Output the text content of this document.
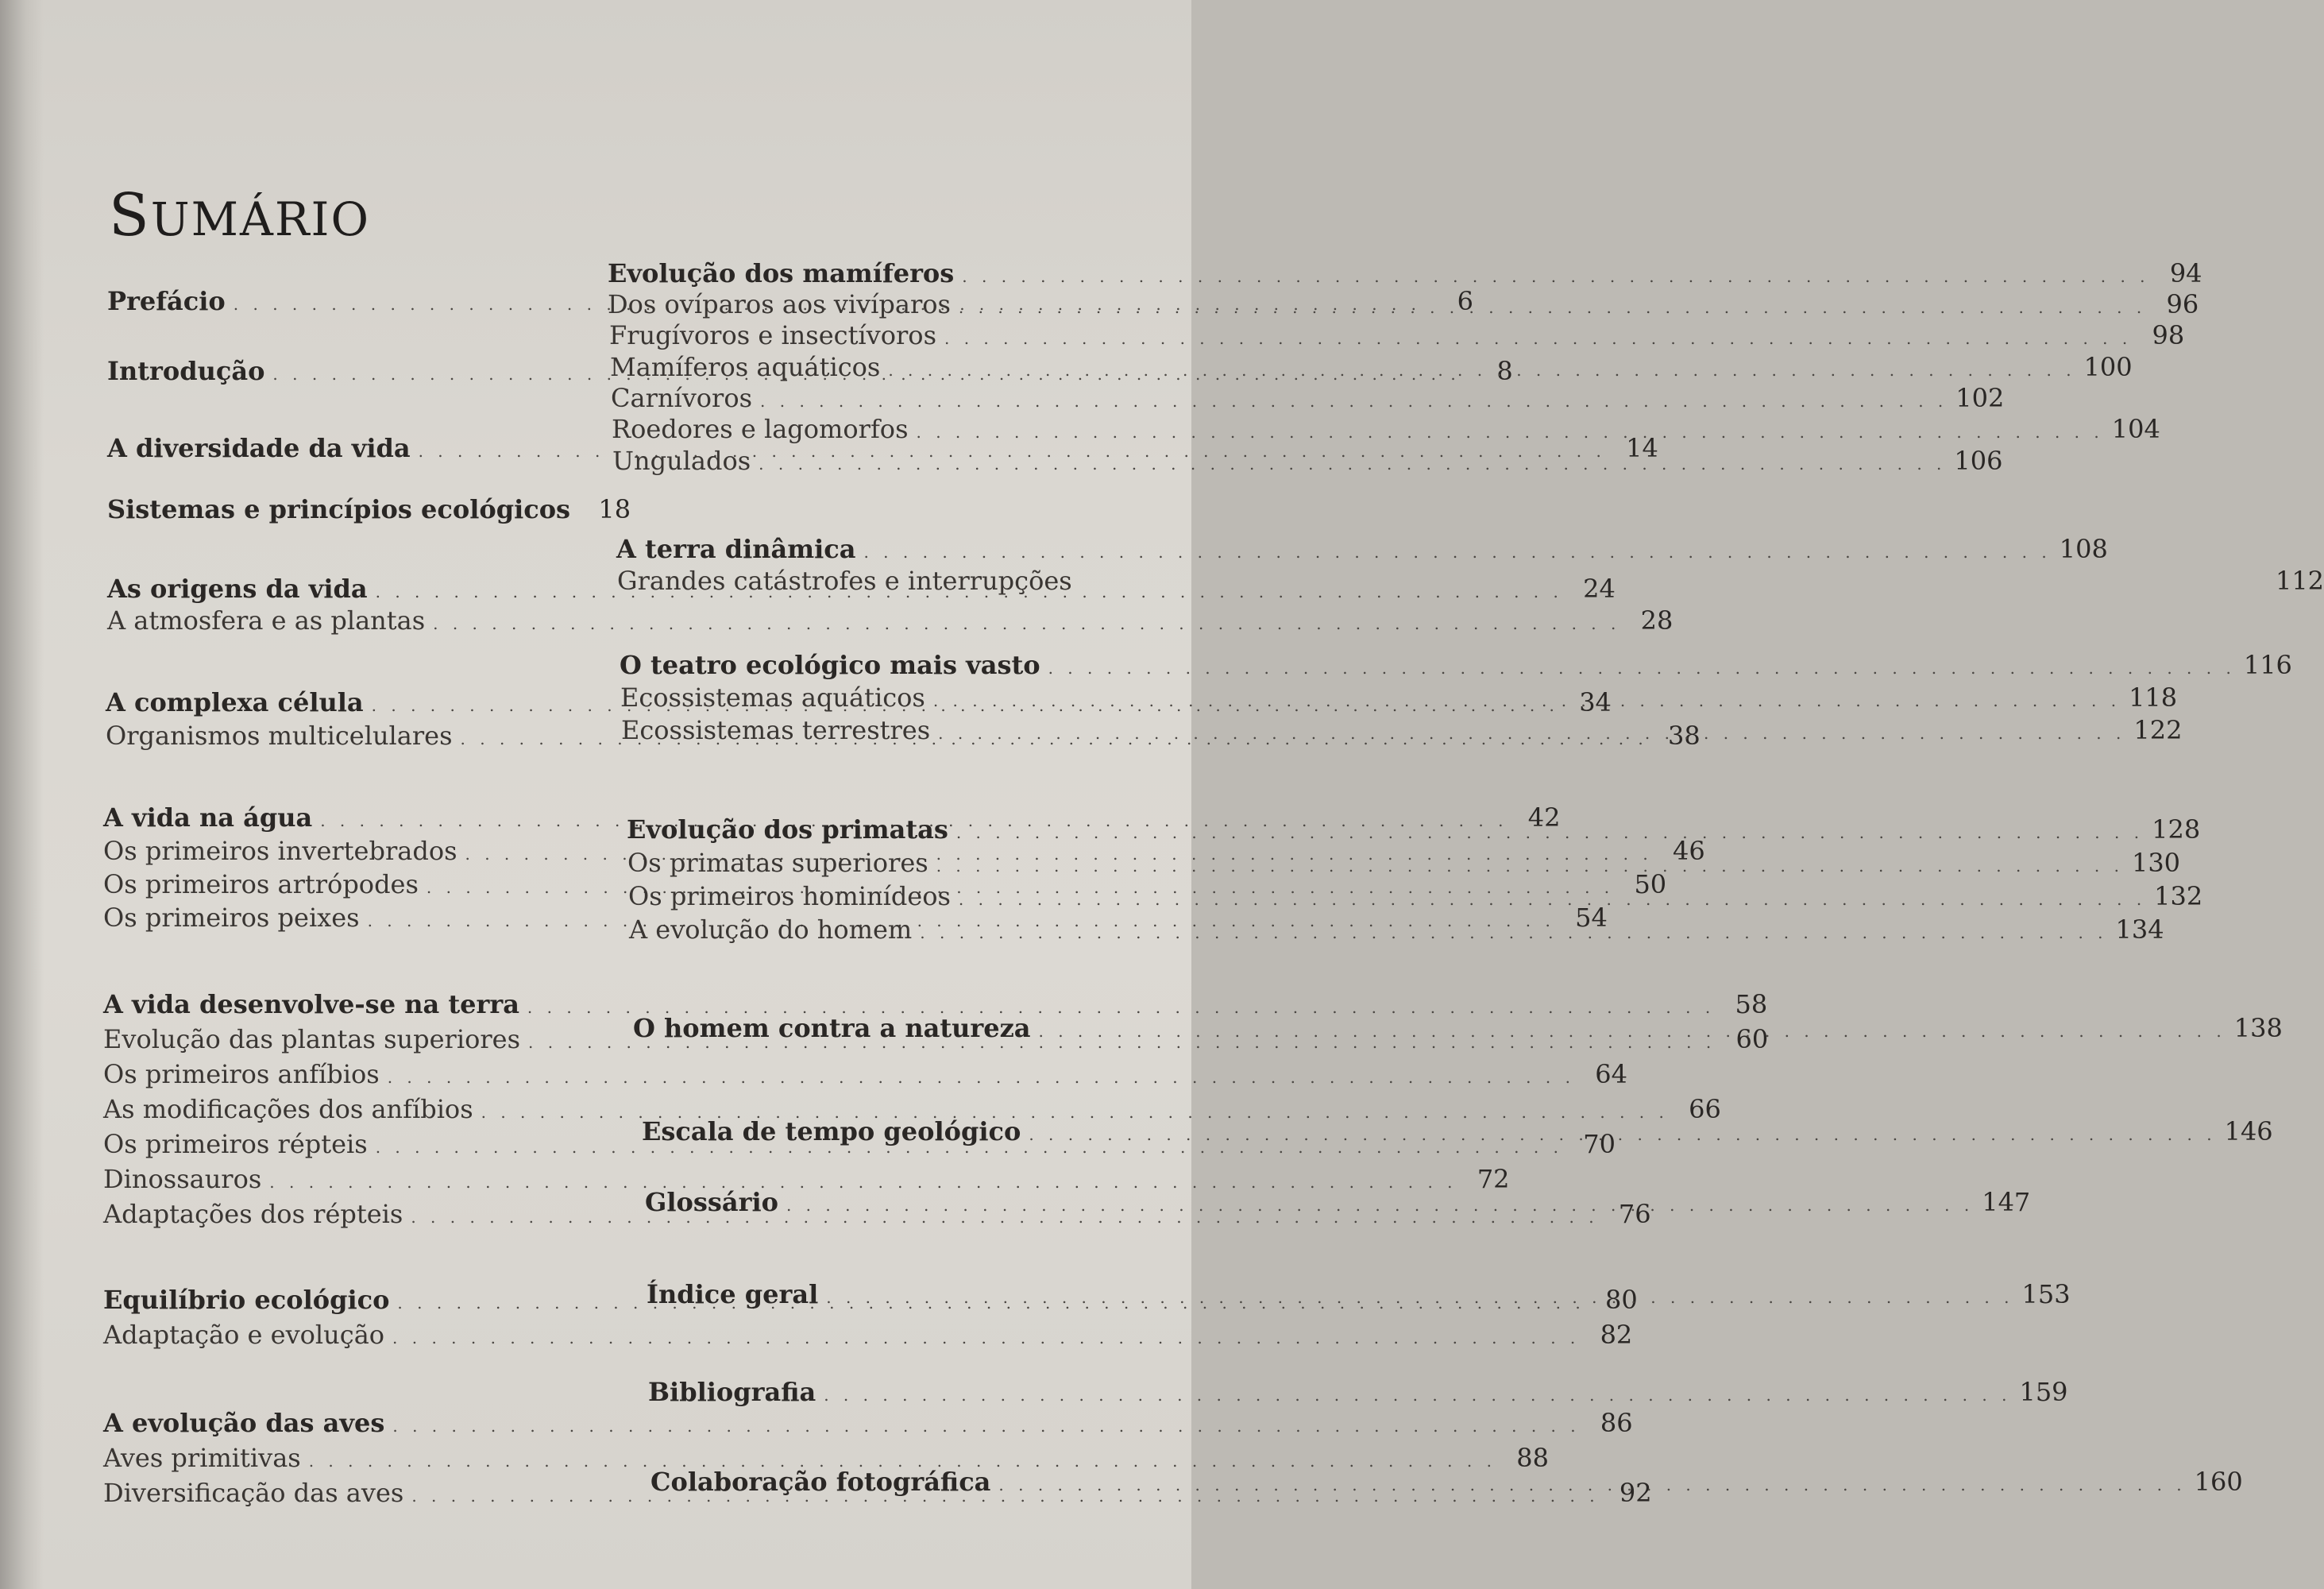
SUMÁRIO
Prefácio . . .	6
Introdução . . .	8
A diversidade da vida . . .	14
Sistemas e princípios ecológicos	18
As origens da vida . . .	24
A atmosfera e as plantas . . .	28
A complexa célula . . .	34
Organismos multicelulares . . .	38
A vida na água . . .	42
Os primeiros invertebrados . . .	46
Os primeiros artrópodes . . .	50
Os primeiros peixes . . .	54
A vida desenvolve-se na terra . . .	58
Evolução das plantas superiores . . .	60
Os primeiros anfíbios . . .	64
As modificações dos anfíbios . . .	66
Os primeiros répteis . . .	70
Dinossauros . . .	72
Adaptações dos répteis . . .	76
Equilíbrio ecológico . . .	80
Adaptação e evolução . . .	82
A evolução das aves . . .	86
Aves primitivas . . .	88
Diversificação das aves . . .	92
Evolução dos mamíferos . . .	94
Dos ovíparos aos vivíparos . . .	96
Frugívoros e insectívoros . . .	98
Mamíferos aquáticos . . .	100
Carnívoros . . .	102
Roedores e lagomorfos . . .	104
Ungulados . . .	106
A terra dinâmica . . .	108
Grandes catástrofes e interrupções	112
O teatro ecológico mais vasto . . .	116
Ecossistemas aquáticos . . .	118
Ecossistemas terrestres . . .	122
Evolução dos primatas . . .	128
Os primatas superiores . . .	130
Os primeiros hominídeos . . .	132
A evolução do homem . . .	134
O homem contra a natureza . . .	138
Escala de tempo geológico . . .	146
Glossário . . .	147
Índice geral . . .	153
Bibliografia . . .	159
Colaboração fotográfica . . .	160
